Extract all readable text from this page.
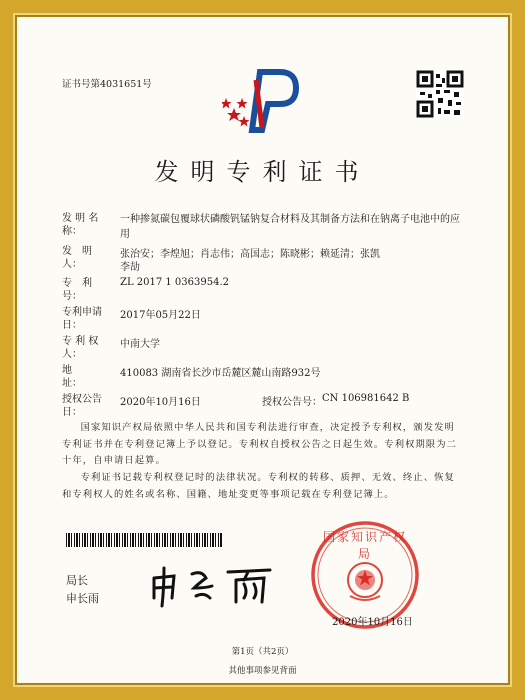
证书号第4031651号
发明专利证书
发 明 名 称：
一种掺氮碳包覆球状磷酸钒锰钠复合材料及其制备方法和在钠离子电池中的应用
发　明　人：
张治安；李煌旭；肖志伟；高国志；陈晓彬；赖延清；张凯
李劼
专　利　号：
ZL 2017 1 0363954.2
专利申请日：
2017年05月22日
专 利 权 人：
中南大学
地　　　址：
410083 湖南省长沙市岳麓区麓山南路932号
授权公告日：
2020年10月16日	授权公告号： CN 106981642 B
国家知识产权局依照中华人民共和国专利法进行审查，决定授予专利权，颁发发明专利证书并在专利登记簿上予以登记。专利权自授权公告之日起生效。专利权期限为二十年，自申请日起算。
专利证书记载专利权登记时的法律状况。专利权的转移、质押、无效、终止、恢复和专利权人的姓名或名称、国籍、地址变更等事项记载在专利登记簿上。
局长
申长雨
国家知识产权局
2020年10月16日
第1页（共2页）
其他事项参见背面
